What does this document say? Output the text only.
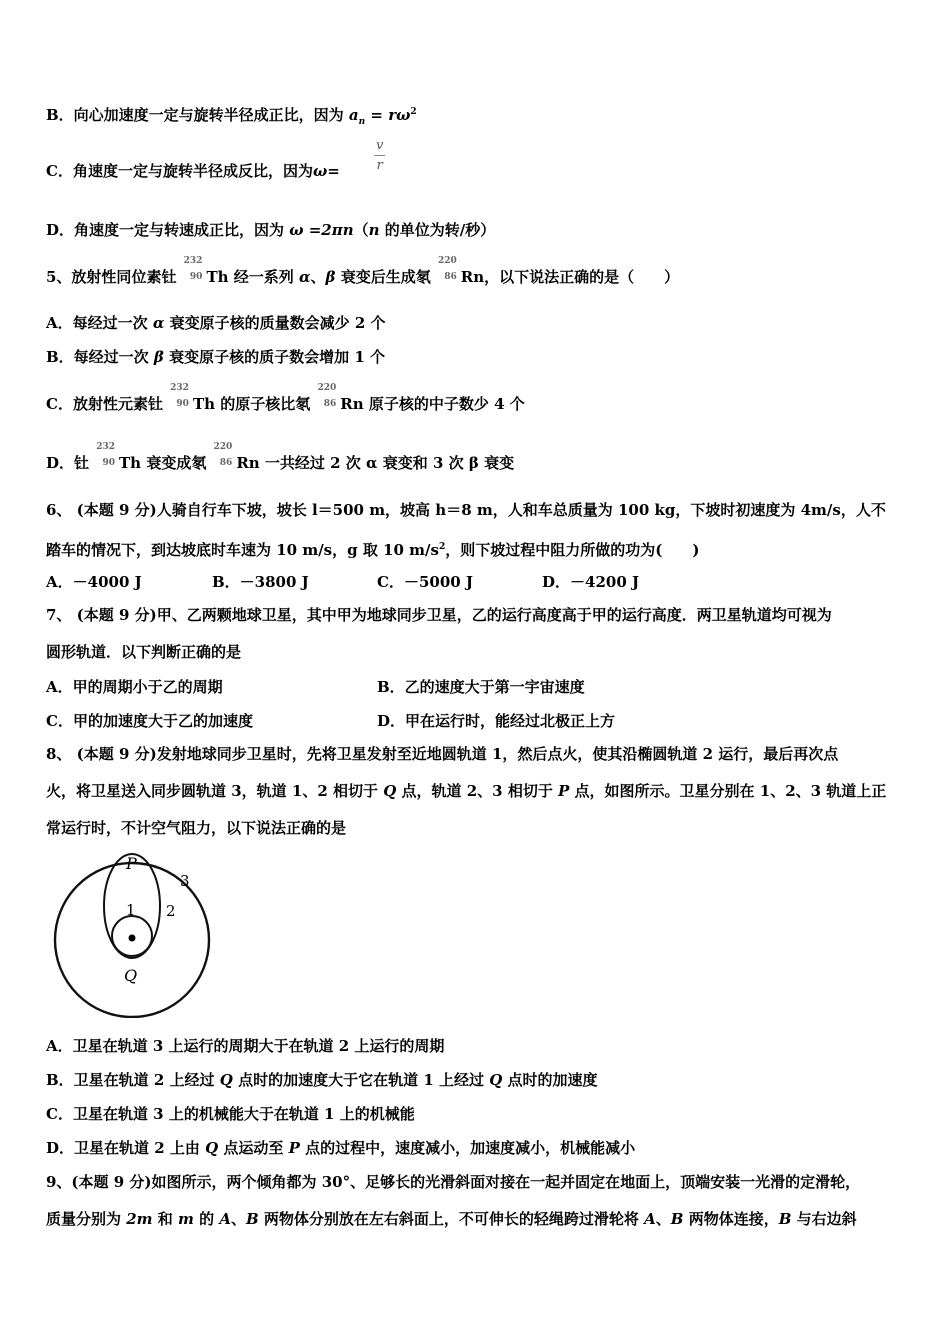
B．向心加速度一定与旋转半径成正比，因为 $a_n = r\omega^2$
C．角速度一定与旋转半径成反比，因为ω=	$\frac{v}{r}$
D．角速度一定与转速成正比，因为 ω =2πn（n 的单位为转/秒）
5、放射性同位素钍
232
90 Th 经一系列 α、β 衰变后生成氡
220
86 Rn，以下说法正确的是（　　）
A．每经过一次 α 衰变原子核的质量数会减少 2 个
B．每经过一次 β 衰变原子核的质子数会增加 1 个
C．放射性元素钍
232
90 Th 的原子核比氡
220
86 Rn 原子核的中子数少 4 个
D．钍
232
90 Th 衰变成氡
220
86 Rn 一共经过 2 次 α 衰变和 3 次 β 衰变
6、 (本题 9 分)人骑自行车下坡，坡长 l＝500 m，坡高 h＝8 m，人和车总质量为 100 kg，下坡时初速度为 4m/s，人不
踏车的情况下，到达坡底时车速为 10 m/s，g 取 10 $m/s^2$，则下坡过程中阻力所做的功为(　　)
A．－4000 J	B．－3800 J	C．－5000 J	D．－4200 J
7、 (本题 9 分)甲、乙两颗地球卫星，其中甲为地球同步卫星，乙的运行高度高于甲的运行高度．两卫星轨道均可视为
圆形轨道．以下判断正确的是
A．甲的周期小于乙的周期	B．乙的速度大于第一宇宙速度
C．甲的加速度大于乙的加速度	D．甲在运行时，能经过北极正上方
8、 (本题 9 分)发射地球同步卫星时，先将卫星发射至近地圆轨道 1，然后点火，使其沿椭圆轨道 2 运行，最后再次点
火，将卫星送入同步圆轨道 3，轨道 1、2 相切于 Q 点，轨道 2、3 相切于 P 点，如图所示。卫星分别在 1、2、3 轨道上正
常运行时，不计空气阻力，以下说法正确的是
P
Q
1 2
3
A．卫星在轨道 3 上运行的周期大于在轨道 2 上运行的周期
B．卫星在轨道 2 上经过 Q 点时的加速度大于它在轨道 1 上经过 Q 点时的加速度
C．卫星在轨道 3 上的机械能大于在轨道 1 上的机械能
D．卫星在轨道 2 上由 Q 点运动至 P 点的过程中，速度减小，加速度减小，机械能减小
9、(本题 9 分)如图所示，两个倾角都为 30°、足够长的光滑斜面对接在一起并固定在地面上，顶端安装一光滑的定滑轮，
质量分别为 2m 和 m 的 A、B 两物体分别放在左右斜面上，不可伸长的轻绳跨过滑轮将 A、B 两物体连接，B 与右边斜
